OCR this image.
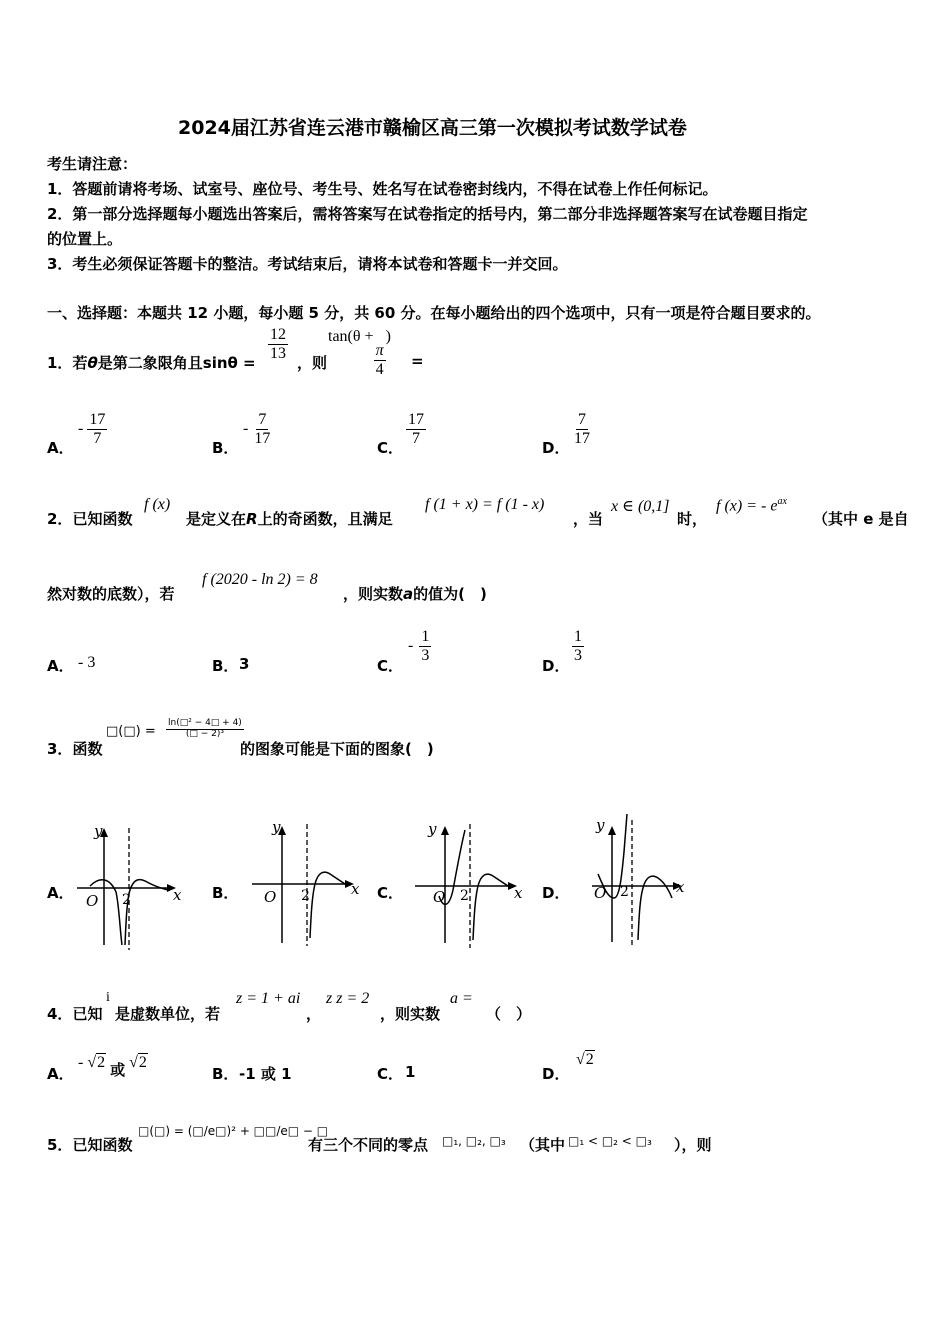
2024届江苏省连云港市赣榆区高三第一次模拟考试数学试卷
考生请注意：
1．答题前请将考场、试室号、座位号、考生号、姓名写在试卷密封线内，不得在试卷上作任何标记。
2．第一部分选择题每小题选出答案后，需将答案写在试卷指定的括号内，第二部分非选择题答案写在试卷题目指定
的位置上。
3．考生必须保证答题卡的整洁。考试结束后，请将本试卷和答题卡一并交回。
一、选择题：本题共 12 小题，每小题 5 分，共 60 分。在每小题给出的四个选项中，只有一项是符合题目要求的。
1．若θ是第二象限角且sinθ =
$\frac{12}{13}$
，则
tan(θ +
$\frac{\pi}{4}$
)
=
A．
- $\frac{17}{7}$
B．
- $\frac{7}{17}$
C．
$\frac{17}{7}$
D．
$\frac{7}{17}$
2．已知函数
f (x)
是定义在R上的奇函数，且满足
f (1 + x) = f (1 - x)
，当
x ∈ (0,1]
时，
f (x) = - $e^{ax}$
（其中 e 是自
然对数的底数），若
f (2020 - ln 2) = 8
，则实数a的值为(　)
A． - 3	B． 3	C．
- $\frac{1}{3}$
D．
$\frac{1}{3}$
3．函数
□(□) = $\frac{\text{ln(□² − 4□ + 4)}}{\text{(□ − 2)³}}$
的图象可能是下面的图象(　)
A．	B．	C．	D．
y
x
O 2
y
x
O 2
y
x
O 2
y
x
O 2
4．已知
i
是虚数单位，若
z = 1 + ai
，
z z = 2
，则实数
a =
（　）
A．
- √2 或 √2
B． -1 或 1	C． 1	D．
√2
5．已知函数
□(□) = (□/e□)² + □□/e□ − □
有三个不同的零点 □₁, □₂, □₃ （其中 □₁ < □₂ < □₃ ），则
